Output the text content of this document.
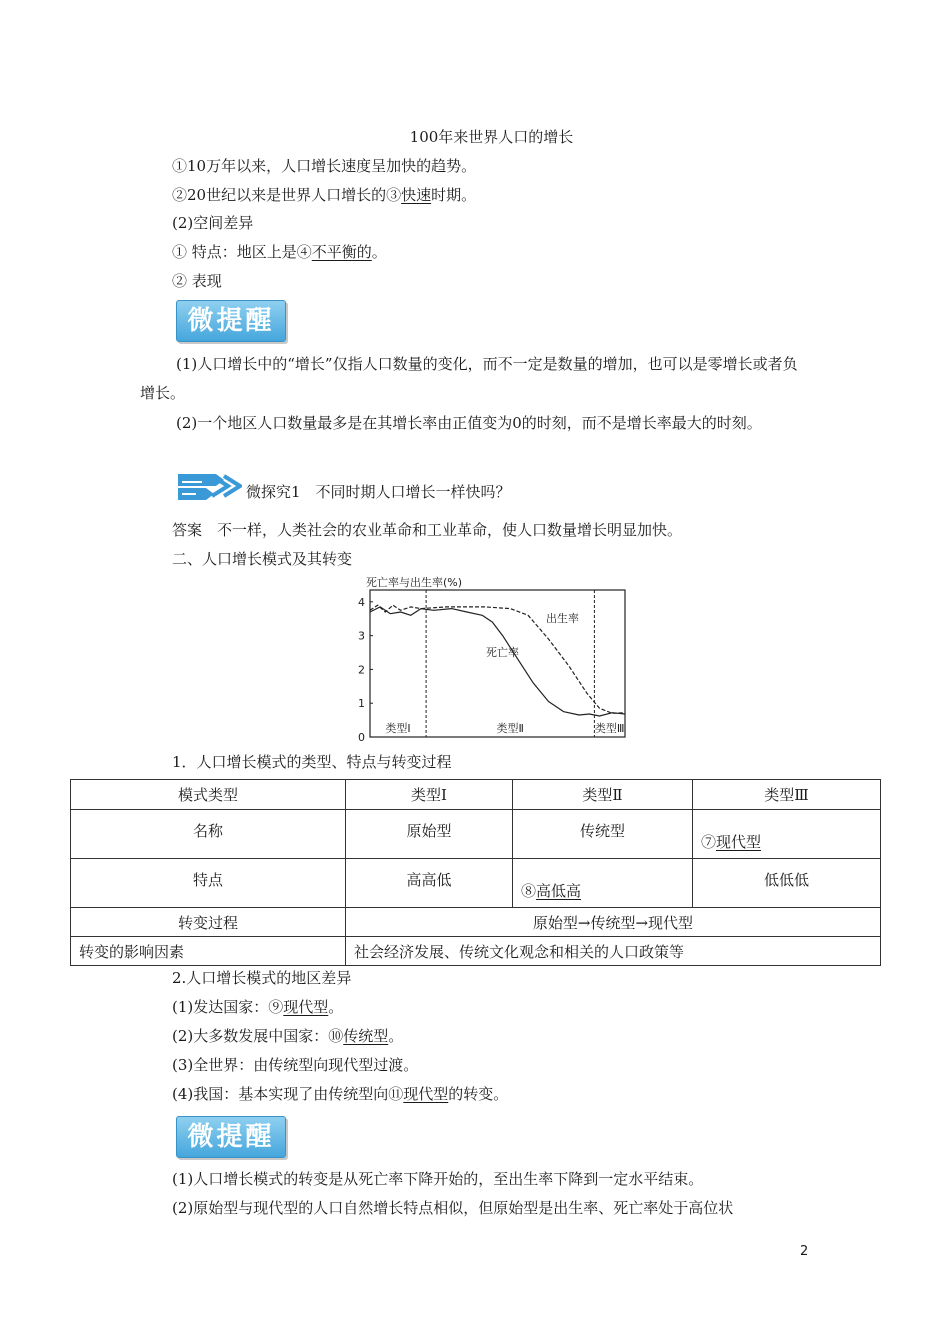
100年来世界人口的增长
①10万年以来，人口增长速度呈加快的趋势。
②20世纪以来是世界人口增长的③快速时期。
(2)空间差异
① 特点：地区上是④不平衡的。
② 表现
微提醒
(1)人口增长中的“增长”仅指人口数量的变化，而不一定是数量的增加，也可以是零增长或者负增长。
(2)一个地区人口数量最多是在其增长率由正值变为0的时刻，而不是增长率最大的时刻。
微探究1　不同时期人口增长一样快吗？
答案　不一样，人类社会的农业革命和工业革命，使人口数量增长明显加快。
二、人口增长模式及其转变
死亡率与出生率(%)
0
1
2
3
4
类型Ⅰ	类型Ⅱ	类型Ⅲ
出生率
死亡率
1．人口增长模式的类型、特点与转变过程
模式类型	类型Ⅰ	类型Ⅱ	类型Ⅲ
名称	原始型	传统型	⑦现代型
特点	高高低	⑧高低高	低低低
转变过程	原始型→传统型→现代型		
转变的影响因素	社会经济发展、传统文化观念和相关的人口政策等		
2.人口增长模式的地区差异
(1)发达国家：⑨现代型。
(2)大多数发展中国家：⑩传统型。
(3)全世界：由传统型向现代型过渡。
(4)我国：基本实现了由传统型向⑪现代型的转变。
微提醒
(1)人口增长模式的转变是从死亡率下降开始的，至出生率下降到一定水平结束。
(2)原始型与现代型的人口自然增长特点相似，但原始型是出生率、死亡率处于高位状
2
